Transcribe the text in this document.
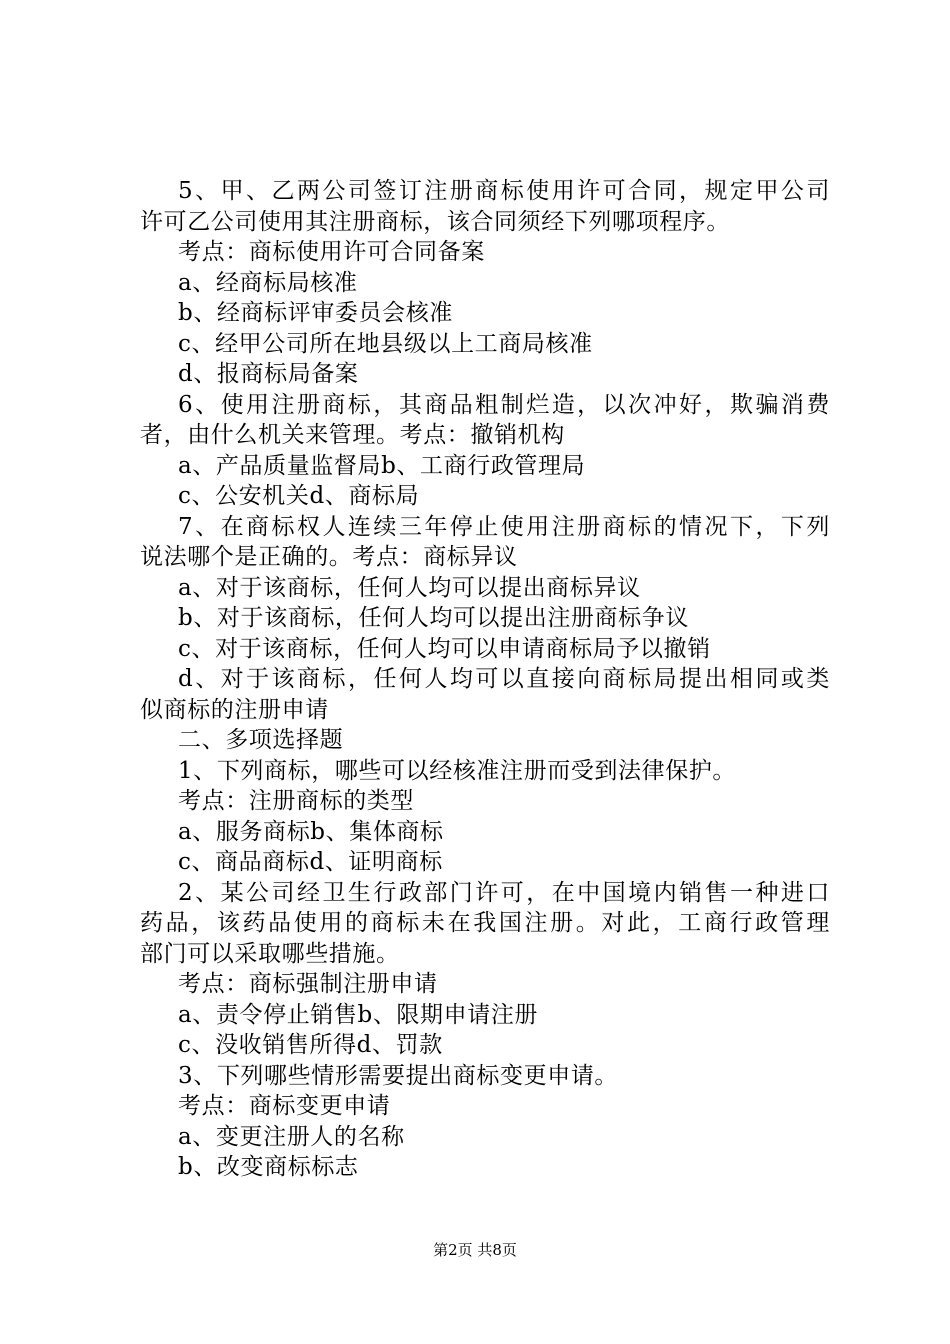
5、甲、乙两公司签订注册商标使用许可合同，规定甲公司
许可乙公司使用其注册商标，该合同须经下列哪项程序。
考点：商标使用许可合同备案
a、经商标局核准
b、经商标评审委员会核准
c、经甲公司所在地县级以上工商局核准
d、报商标局备案
6、使用注册商标，其商品粗制烂造，以次冲好，欺骗消费
者，由什么机关来管理。考点：撤销机构
a、产品质量监督局b、工商行政管理局
c、公安机关d、商标局
7、在商标权人连续三年停止使用注册商标的情况下，下列
说法哪个是正确的。考点：商标异议
a、对于该商标，任何人均可以提出商标异议
b、对于该商标，任何人均可以提出注册商标争议
c、对于该商标，任何人均可以申请商标局予以撤销
d、对于该商标，任何人均可以直接向商标局提出相同或类
似商标的注册申请
二、多项选择题
1、下列商标，哪些可以经核准注册而受到法律保护。
考点：注册商标的类型
a、服务商标b、集体商标
c、商品商标d、证明商标
2、某公司经卫生行政部门许可，在中国境内销售一种进口
药品，该药品使用的商标未在我国注册。对此，工商行政管理
部门可以采取哪些措施。
考点：商标强制注册申请
a、责令停止销售b、限期申请注册
c、没收销售所得d、罚款
3、下列哪些情形需要提出商标变更申请。
考点：商标变更申请
a、变更注册人的名称
b、改变商标标志
第2页 共8页
